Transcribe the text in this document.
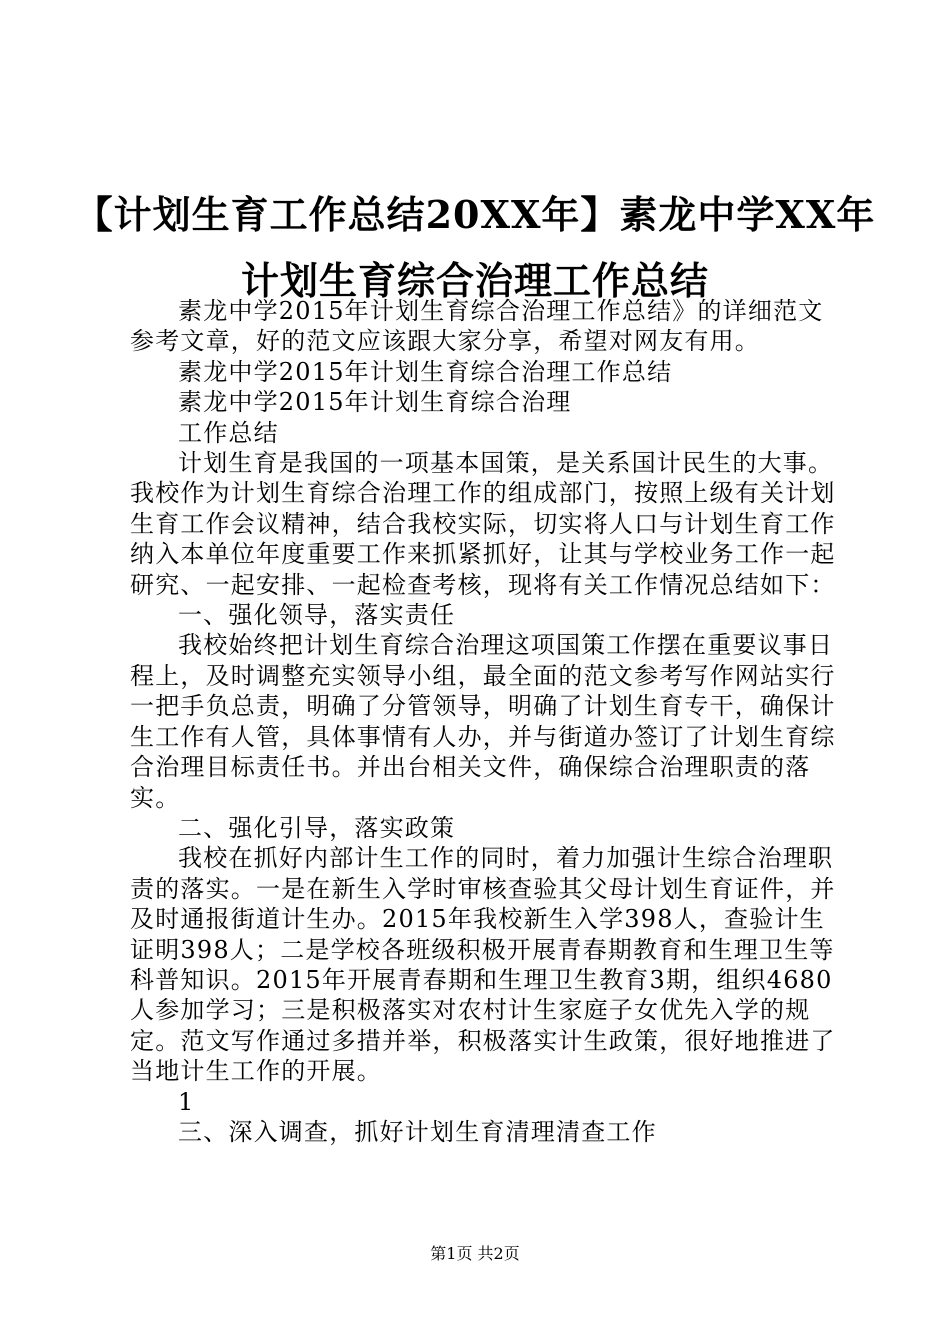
【计划生育工作总结20XX年】素龙中学XX年
计划生育综合治理工作总结

素龙中学2015年计划生育综合治理工作总结》的详细范文参考文章，好的范文应该跟大家分享，希望对网友有用。

素龙中学2015年计划生育综合治理工作总结

素龙中学2015年计划生育综合治理

工作总结

计划生育是我国的一项基本国策，是关系国计民生的大事。我校作为计划生育综合治理工作的组成部门，按照上级有关计划生育工作会议精神，结合我校实际，切实将人口与计划生育工作纳入本单位年度重要工作来抓紧抓好，让其与学校业务工作一起研究、一起安排、一起检查考核，现将有关工作情况总结如下：

一、强化领导，落实责任

我校始终把计划生育综合治理这项国策工作摆在重要议事日程上，及时调整充实领导小组，最全面的范文参考写作网站实行一把手负总责，明确了分管领导，明确了计划生育专干，确保计生工作有人管，具体事情有人办，并与街道办签订了计划生育综合治理目标责任书。并出台相关文件，确保综合治理职责的落实。

二、强化引导，落实政策

我校在抓好内部计生工作的同时，着力加强计生综合治理职责的落实。一是在新生入学时审核查验其父母计划生育证件，并及时通报街道计生办。2015年我校新生入学398人，查验计生证明398人；二是学校各班级积极开展青春期教育和生理卫生等科普知识。2015年开展青春期和生理卫生教育3期，组织4680人参加学习；三是积极落实对农村计生家庭子女优先入学的规定。范文写作通过多措并举，积极落实计生政策，很好地推进了当地计生工作的开展。

1

三、深入调查，抓好计划生育清理清查工作

第1页 共2页
